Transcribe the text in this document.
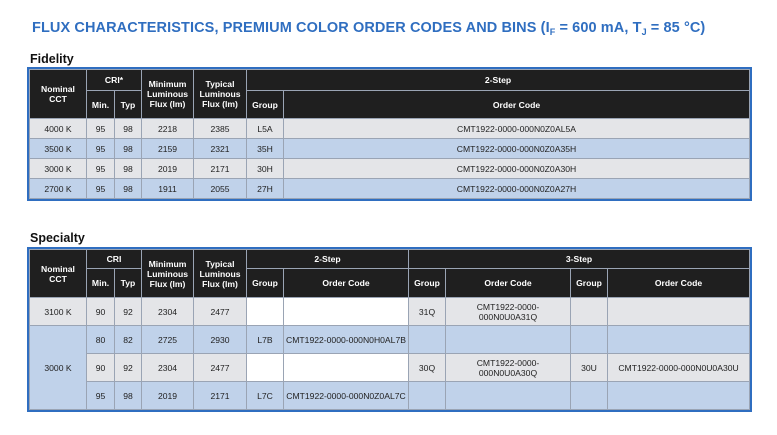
FLUX CHARACTERISTICS, PREMIUM COLOR ORDER CODES AND BINS ($I_F = 600$ mA, $T_J = 85$ °C)
Fidelity
Nominal CCT	CRI*		Minimum Luminous Flux (lm)	Typical Luminous Flux (lm)	2-Step	
	Min.	Typ			Group	Order Code
4000 K	95	98	2218	2385	L5A	CMT1922-0000-000N0Z0AL5A
3500 K	95	98	2159	2321	35H	CMT1922-0000-000N0Z0A35H
3000 K	95	98	2019	2171	30H	CMT1922-0000-000N0Z0A30H
2700 K	95	98	1911	2055	27H	CMT1922-0000-000N0Z0A27H
Specialty
Nominal CCT	CRI		Minimum Luminous Flux (lm)	Typical Luminous Flux (lm)	2-Step		3-Step			
	Min.	Typ			Group	Order Code	Group	Order Code	Group	Order Code
3100 K	90	92	2304	2477			31Q	CMT1922-0000-000N0U0A31Q		
3000 K	80	82	2725	2930	L7B	CMT1922-0000-000N0H0AL7B				
	90	92	2304	2477			30Q	CMT1922-0000-000N0U0A30Q	30U	CMT1922-0000-000N0U0A30U
	95	98	2019	2171	L7C	CMT1922-0000-000N0Z0AL7C				
